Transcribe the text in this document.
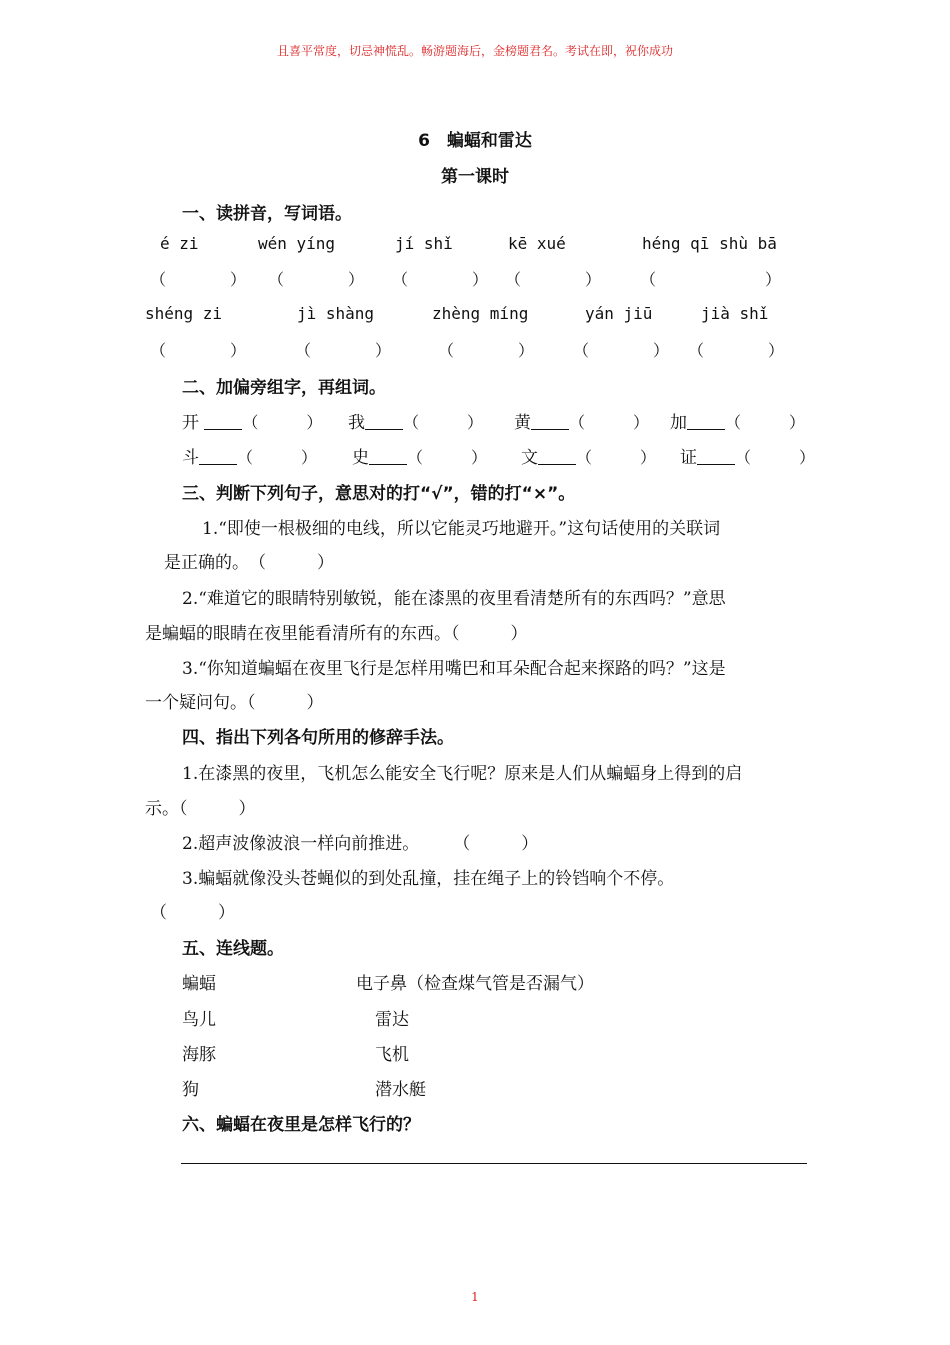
且喜平常度，切忌神慌乱。畅游题海后，金榜题君名。考试在即，祝你成功
6　蝙蝠和雷达
第一课时
一、读拼音，写词语。
é zi	wén yíng	jí shǐ	kē xué	héng qī shù bā
（　　　　） （　　　　） （　　　　） （　　　　） （　　　　）
shéng zi	jì shàng	zhèng míng	yán jiū	jià shǐ
（　　　　）	（　　　　）	（　　　　） （　　　　） （　　　　）
二、加偏旁组字，再组词。
开	（　　　） 我 （　　　） 黄 （　　　） 加 （　　　）
斗 （　　　） 史 （　　　） 文 （　　　） 证 （　　　）
三、判断下列句子，意思对的打“√”，错的打“×”。
1.“即使一根极细的电线，所以它能灵巧地避开。”这句话使用的关联词
是正确的。　（　　　）
2.“难道它的眼睛特别敏锐，能在漆黑的夜里看清楚所有的东西吗？”意思
是蝙蝠的眼睛在夜里能看清所有的东西。（　　　）
3.“你知道蝙蝠在夜里飞行是怎样用嘴巴和耳朵配合起来探路的吗？”这是
一个疑问句。（　　　）
四、指出下列各句所用的修辞手法。
1.在漆黑的夜里，飞机怎么能安全飞行呢？原来是人们从蝙蝠身上得到的启
示。（　　　）
2.超声波像波浪一样向前推进。　　　（　　　）
3.蝙蝠就像没头苍蝇似的到处乱撞，挂在绳子上的铃铛响个不停。
（　　　）
五、连线题。
蝙蝠	电子鼻（检查煤气管是否漏气）
鸟儿	雷达
海豚	飞机
狗	潜水艇
六、蝙蝠在夜里是怎样飞行的？
1
